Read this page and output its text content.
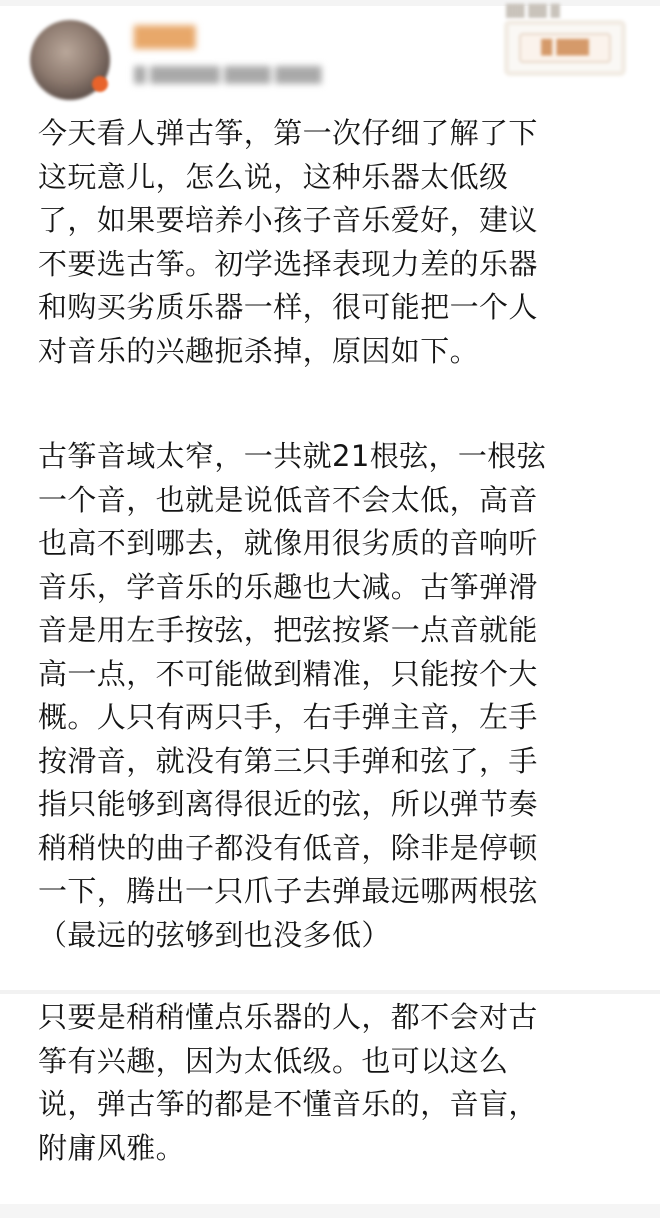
████
█ ██████ ████ ████
██ ██ █
█ ███

今天看人弹古筝，第一次仔细了解了下
这玩意儿，怎么说，这种乐器太低级
了，如果要培养小孩子音乐爱好，建议
不要选古筝。初学选择表现力差的乐器
和购买劣质乐器一样，很可能把一个人
对音乐的兴趣扼杀掉，原因如下。

古筝音域太窄，一共就21根弦，一根弦
一个音，也就是说低音不会太低，高音
也高不到哪去，就像用很劣质的音响听
音乐，学音乐的乐趣也大减。古筝弹滑
音是用左手按弦，把弦按紧一点音就能
高一点，不可能做到精准，只能按个大
概。人只有两只手，右手弹主音，左手
按滑音，就没有第三只手弹和弦了，手
指只能够到离得很近的弦，所以弹节奏
稍稍快的曲子都没有低音，除非是停顿
一下，腾出一只爪子去弹最远哪两根弦
（最远的弦够到也没多低）

只要是稍稍懂点乐器的人，都不会对古
筝有兴趣，因为太低级。也可以这么
说，弹古筝的都是不懂音乐的，音盲，
附庸风雅。
